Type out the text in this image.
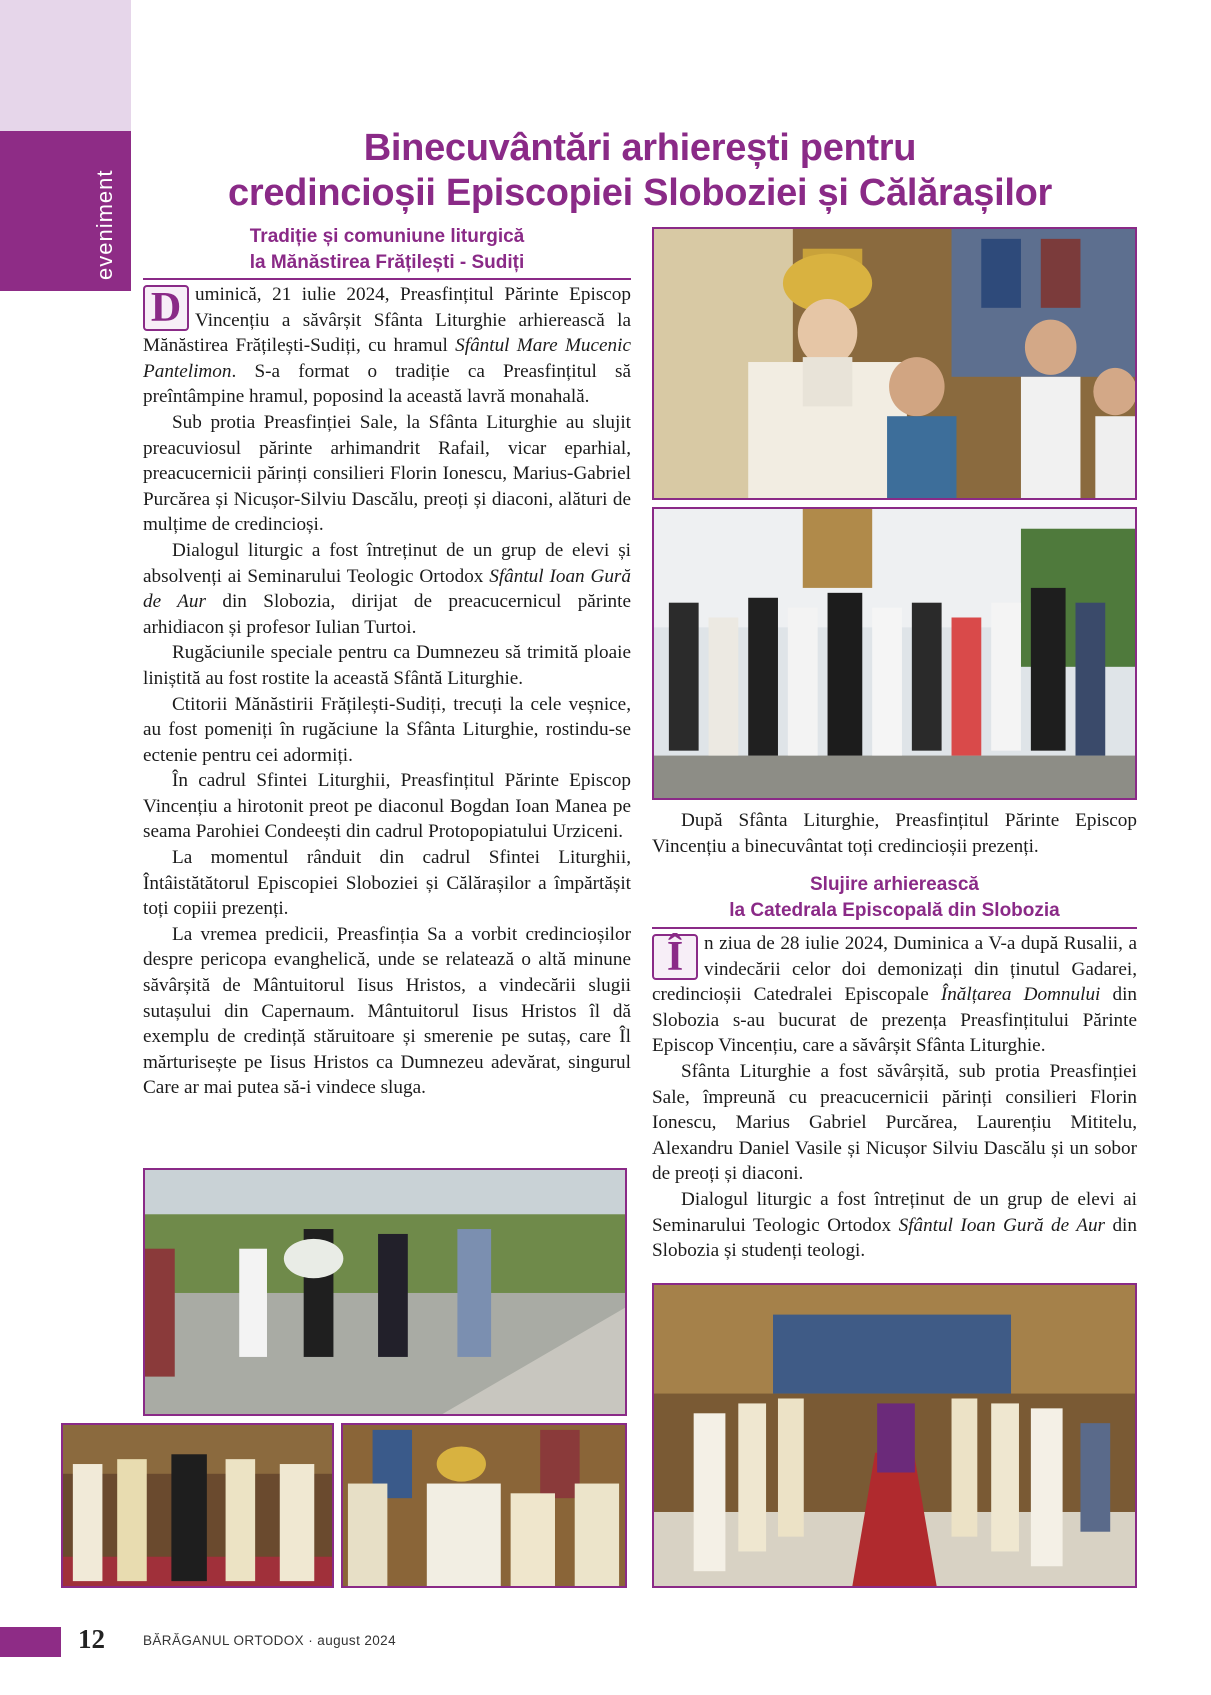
eveniment
Binecuvântări arhierești pentru
credincioșii Episcopiei Sloboziei și Călărașilor
Tradiție și comuniune liturgică
la Mănăstirea Frățilești - Sudiți

D uminică, 21 iulie 2024, Preasfințitul Părinte Episcop Vincențiu a săvârșit Sfânta Liturghie arhierească la Mănăstirea Frățilești-Sudiți, cu hramul Sfântul Mare Mucenic Pantelimon. S-a format o tradiție ca Preasfințitul să preîntâmpine hramul, poposind la această lavră monahală.

Sub protia Preasfinției Sale, la Sfânta Liturghie au slujit preacuviosul părinte arhimandrit Rafail, vicar eparhial, preacucernicii părinți consilieri Florin Ionescu, Marius-Gabriel Purcărea și Nicușor-Silviu Dascălu, preoți și diaconi, alături de mulțime de credincioși.

Dialogul liturgic a fost întreținut de un grup de elevi și absolvenți ai Seminarului Teologic Ortodox Sfântul Ioan Gură de Aur din Slobozia, dirijat de preacucernicul părinte arhidiacon și profesor Iulian Turtoi.

Rugăciunile speciale pentru ca Dumnezeu să trimită ploaie liniștită au fost rostite la această Sfântă Liturghie.

Ctitorii Mănăstirii Frățilești-Sudiți, trecuți la cele veșnice, au fost pomeniți în rugăciune la Sfânta Liturghie, rostindu-se ectenie pentru cei adormiți.

În cadrul Sfintei Liturghii, Preasfințitul Părinte Episcop Vincențiu a hirotonit preot pe diaconul Bogdan Ioan Manea pe seama Parohiei Condeești din cadrul Protopopiatului Urziceni.

La momentul rânduit din cadrul Sfintei Liturghii, Întâistătătorul Episcopiei Sloboziei și Călărașilor a împărtășit toți copiii prezenți.

La vremea predicii, Preasfinția Sa a vorbit credincioșilor despre pericopa evanghelică, unde se relatează o altă minune săvârșită de Mântuitorul Iisus Hristos, a vindecării slugii sutașului din Capernaum. Mântuitorul Iisus Hristos îl dă exemplu de credință stăruitoare și smerenie pe sutaș, care Îl mărturisește pe Iisus Hristos ca Dumnezeu adevărat, singurul Care ar mai putea să-i vindece sluga.

După Sfânta Liturghie, Preasfințitul Părinte Episcop Vincențiu a binecuvântat toți credincioșii prezenți.
Slujire arhierească
la Catedrala Episcopală din Slobozia

Î	n ziua de 28 iulie 2024, Duminica a V-a după Rusalii, a vindecării celor doi demonizați din ținutul Gadarei, credincioșii Catedralei Episcopale Înălțarea Domnului din Slobozia s-au bucurat de prezența Preasfințitului Părinte Episcop Vincențiu, care a săvârșit Sfânta Liturghie.

Sfânta Liturghie a fost săvârșită, sub protia Preasfinției Sale, împreună cu preacucernicii părinți consilieri Florin Ionescu, Marius Gabriel Purcărea, Laurențiu Mititelu, Alexandru Daniel Vasile și Nicușor Silviu Dascălu și un sobor de preoți și diaconi.

Dialogul liturgic a fost întreținut de un grup de elevi ai Seminarului Teologic Ortodox Sfântul Ioan Gură de Aur din Slobozia și studenți teologi.

12	BĂRĂGANUL ORTODOX · august 2024
